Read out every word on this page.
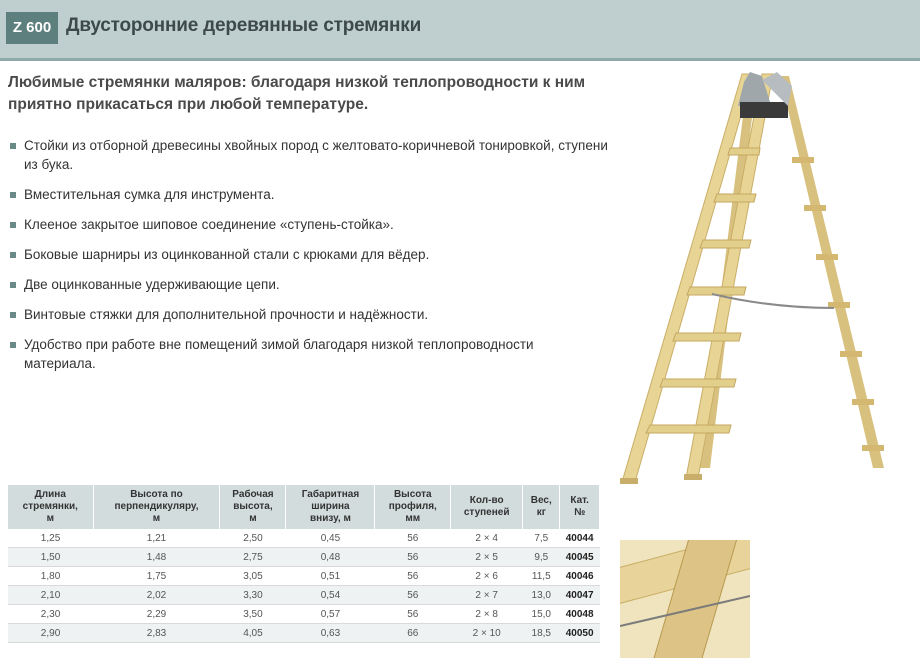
Z 600 Двусторонние деревянные стремянки
Любимые стремянки маляров: благодаря низкой теплопроводности к ним приятно прикасаться при любой температуре.
Стойки из отборной древесины хвойных пород с желтовато-коричневой тонировкой, ступени из бука.
Вместительная сумка для инструмента.
Клееное закрытое шиповое соединение «ступень-стойка».
Боковые шарниры из оцинкованной стали с крюками для вёдер.
Две оцинкованные удерживающие цепи.
Винтовые стяжки для дополнительной прочности и надёжности.
Удобство при работе вне помещений зимой благодаря низкой теплопроводности материала.
Длина
стремянки,
м	Высота по
перпендикуляру,
м	Рабочая
высота,
м	Габаритная
ширина
внизу, м	Высота
профиля,
мм	Кол-во
ступеней	Вес,
кг	Кат.
№
1,25	1,21	2,50	0,45	56	2 × 4	7,5	40044
1,50	1,48	2,75	0,48	56	2 × 5	9,5	40045
1,80	1,75	3,05	0,51	56	2 × 6	11,5	40046
2,10	2,02	3,30	0,54	56	2 × 7	13,0	40047
2,30	2,29	3,50	0,57	56	2 × 8	15,0	40048
2,90	2,83	4,05	0,63	66	2 × 10	18,5	40050
